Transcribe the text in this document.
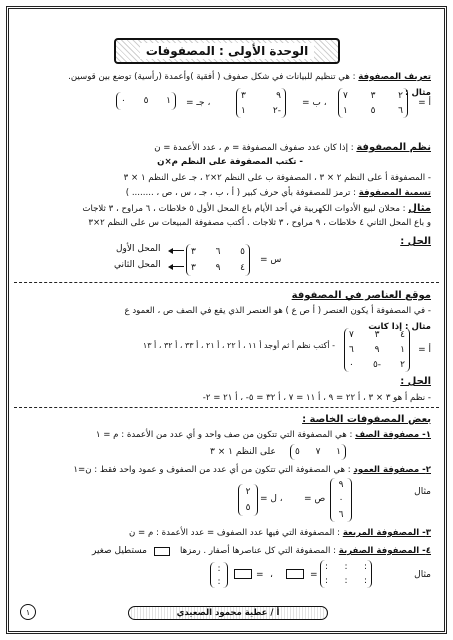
الوحدة الأولى : المصفوفات
تعريف المصفوفة : هي تنظيم للبيانات في شكل صفوف ( أفقية )وأعمدة (رأسية) توضع بين قوسين.
مثال :
أ =
٧	٣	٢
١	٥	٦
، ب =
٣	٩
١	٢-
، جـ =
٠ ٥ ١
نظم المصفوفة : إذا كان عدد صفوف المصفوفة = م ، عدد الأعمدة = ن
- تكتب المصفوفة على النظم م×ن
- المصفوفة أ على النظم ٢ × ٣ ، المصفوفة ب على النظم ٢×٢ ، جـ على النظم ١ × ٣
تسمية المصفوفة : ترمز للمصفوفة بأي حرف كبير ( أ ، ب ، جـ ، س ، ص ، ........ )
مثال : محلان لبيع الأدوات الكهربية في أحد الأيام باع المحل الأول ٥ خلاطات ، ٦ مراوح ، ٣ ثلاجات
و باع المحل الثاني ٤ خلاطات ، ٩ مراوح ، ٣ ثلاجات . أكتب مصفوفة المبيعات س على النظم ٢×٣
الحل :
س =
٣ ٦ ٥
٣ ٩ ٤
المحل الأول
المحل الثاني
موقع العناصر في المصفوفة
- في المصفوفة أ يكون العنصر ( أ ص ع ) هو العنصر الذي يقع في الصف ص ، العمود ع
مثال : إذا كانت
أ =
٧ ٣ ٤
٦ ٩ ١
٠ ٥- ٢
- أكتب نظم أ ثم أوجد أ ١١ ، أ ٢٢ ، أ ٢١ ، أ ٣٣ ، أ ٣٢ ، أ ١٣
الحل :
- نظم أ هو ٣ × ٣ ، أ ٢٢ = ٩ ، أ ١١ = ٧ ، أ ٣٢ = ٥- ، أ ٢١ = ٢-
بعض المصفوفات الخاصة :
١- مصفوفة الصف : هي المصفوفة التي تتكون من صف واحد و أي عدد من الأعمدة : م = ١
٥ ٧ ١
على النظم ١ × ٣
٢- مصفوفة العمود : هي المصفوفة التي تتكون من أي عدد من الصفوف و عمود واحد فقط : ن=١
مثال
ص =
٩
٠
٦
، ل =
٢
٥
٣- المصفوفة المربعة : المصفوفة التي فيها عدد الصفوف = عدد الأعمدة : م = ن
٤- المصفوفة الصفرية : المصفوفة التي كل عناصرها أصفار . رمزها
مستطيل صغير
مثال
: : :
: : :
=
،
=
:
:
أ / عطية محمود الصعيدي
١
